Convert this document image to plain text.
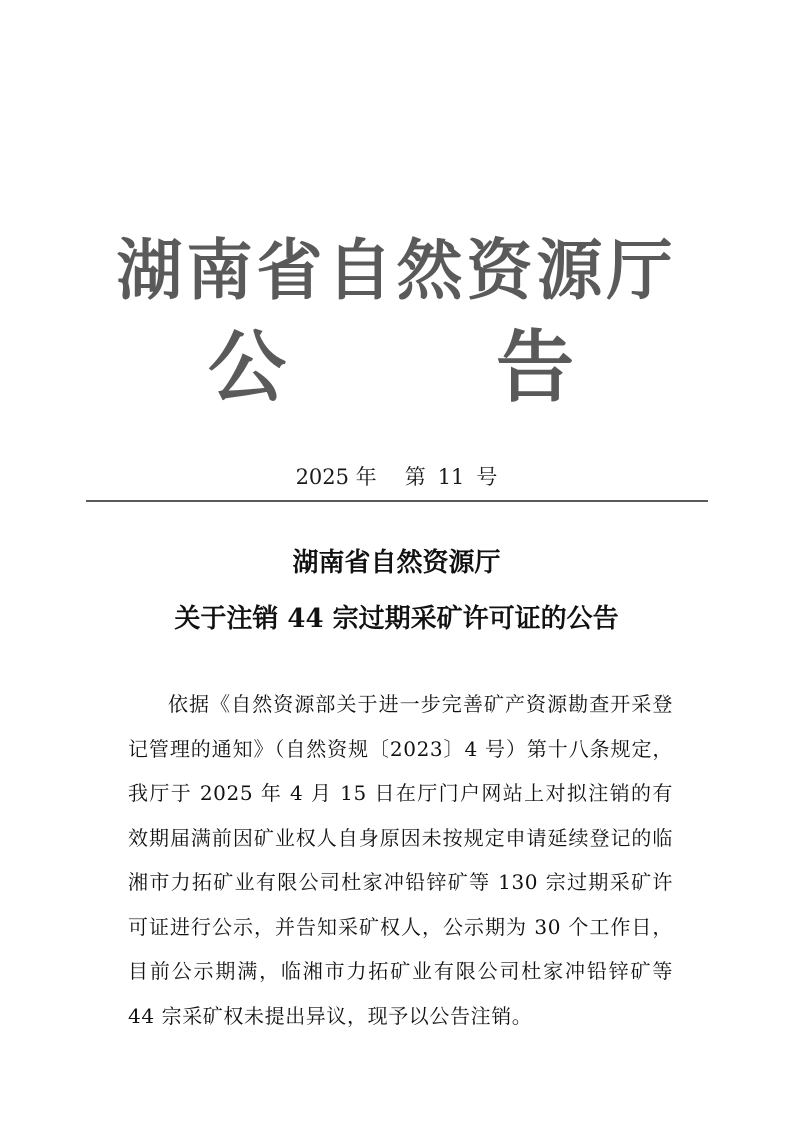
湖南省自然资源厅
公	告
2025 年 第 11 号
湖南省自然资源厅
关于注销 44 宗过期采矿许可证的公告
依据《自然资源部关于进一步完善矿产资源勘查开采登记管理的通知》（自然资规〔2023〕4 号）第十八条规定，我厅于 2025 年 4 月 15 日在厅门户网站上对拟注销的有效期届满前因矿业权人自身原因未按规定申请延续登记的临湘市力拓矿业有限公司杜家冲铅锌矿等 130 宗过期采矿许可证进行公示，并告知采矿权人，公示期为 30 个工作日，目前公示期满，临湘市力拓矿业有限公司杜家冲铅锌矿等 44 宗采矿权未提出异议，现予以公告注销。
